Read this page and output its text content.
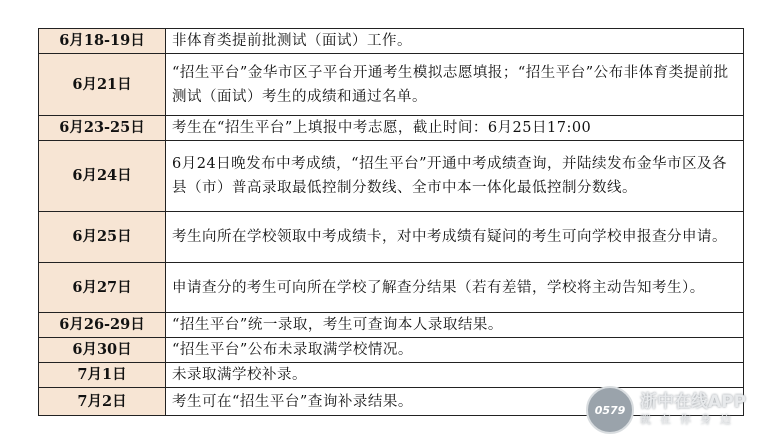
6月18-19日	非体育类提前批测试（面试）工作。
6月21日	“招生平台”金华市区子平台开通考生模拟志愿填报；“招生平台”公布非体育类提前批测试（面试）考生的成绩和通过名单。
6月23-25日	考生在“招生平台”上填报中考志愿，截止时间：6月25日17:00
6月24日	6月24日晚发布中考成绩，“招生平台”开通中考成绩查询，并陆续发布金华市区及各县（市）普高录取最低控制分数线、全市中本一体化最低控制分数线。
6月25日	考生向所在学校领取中考成绩卡，对中考成绩有疑问的考生可向学校申报查分申请。
6月27日	申请查分的考生可向所在学校了解查分结果（若有差错，学校将主动告知考生）。
6月26-29日	“招生平台”统一录取，考生可查询本人录取结果。
6月30日	“招生平台”公布未录取满学校情况。
7月1日	未录取满学校补录。
7月2日	考生可在“招生平台”查询补录结果。
0579 浙中在线APP
就在你身边
